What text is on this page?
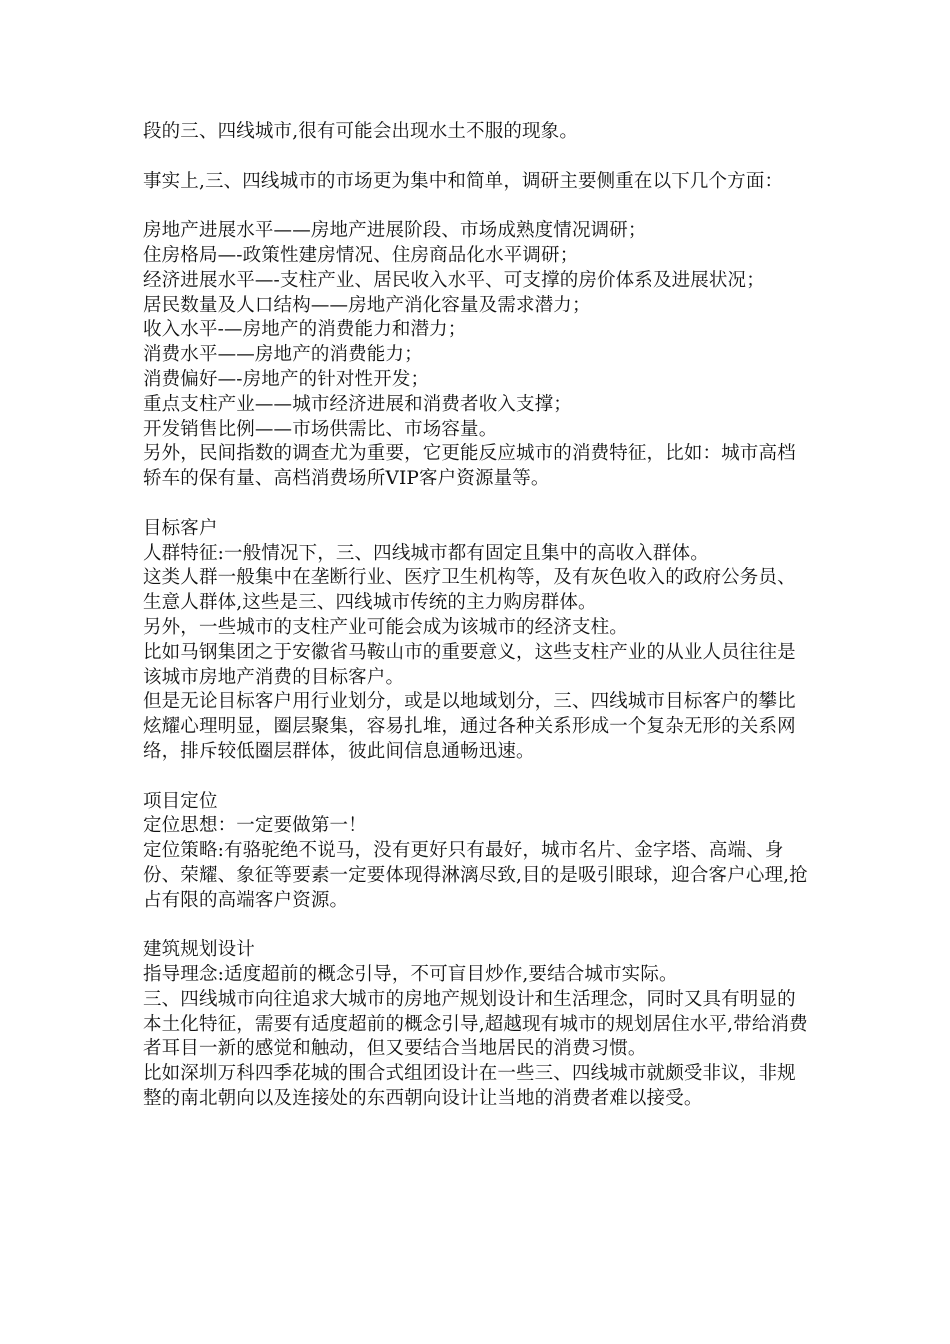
段的三、四线城市,很有可能会出现水土不服的现象。
事实上,三、四线城市的市场更为集中和简单，调研主要侧重在以下几个方面：
房地产进展水平——房地产进展阶段、市场成熟度情况调研；
住房格局—-政策性建房情况、住房商品化水平调研；
经济进展水平—-支柱产业、居民收入水平、可支撑的房价体系及进展状况；
居民数量及人口结构——房地产消化容量及需求潜力；
收入水平-—房地产的消费能力和潜力；
消费水平——房地产的消费能力；
消费偏好—-房地产的针对性开发；
重点支柱产业——城市经济进展和消费者收入支撑；
开发销售比例——市场供需比、市场容量。
另外，民间指数的调查尤为重要，它更能反应城市的消费特征，比如：城市高档轿车的保有量、高档消费场所VIP客户资源量等。
目标客户
人群特征:一般情况下，三、四线城市都有固定且集中的高收入群体。
这类人群一般集中在垄断行业、医疗卫生机构等，及有灰色收入的政府公务员、生意人群体,这些是三、四线城市传统的主力购房群体。
另外，一些城市的支柱产业可能会成为该城市的经济支柱。
比如马钢集团之于安徽省马鞍山市的重要意义，这些支柱产业的从业人员往往是该城市房地产消费的目标客户。
但是无论目标客户用行业划分，或是以地域划分，三、四线城市目标客户的攀比炫耀心理明显，圈层聚集，容易扎堆，通过各种关系形成一个复杂无形的关系网络，排斥较低圈层群体，彼此间信息通畅迅速。
项目定位
定位思想：一定要做第一！
定位策略:有骆驼绝不说马，没有更好只有最好，城市名片、金字塔、高端、身份、荣耀、象征等要素一定要体现得淋漓尽致,目的是吸引眼球，迎合客户心理,抢占有限的高端客户资源。
建筑规划设计
指导理念:适度超前的概念引导，不可盲目炒作,要结合城市实际。
三、四线城市向往追求大城市的房地产规划设计和生活理念，同时又具有明显的本土化特征，需要有适度超前的概念引导,超越现有城市的规划居住水平,带给消费者耳目一新的感觉和触动，但又要结合当地居民的消费习惯。
比如深圳万科四季花城的围合式组团设计在一些三、四线城市就颇受非议，非规整的南北朝向以及连接处的东西朝向设计让当地的消费者难以接受。
